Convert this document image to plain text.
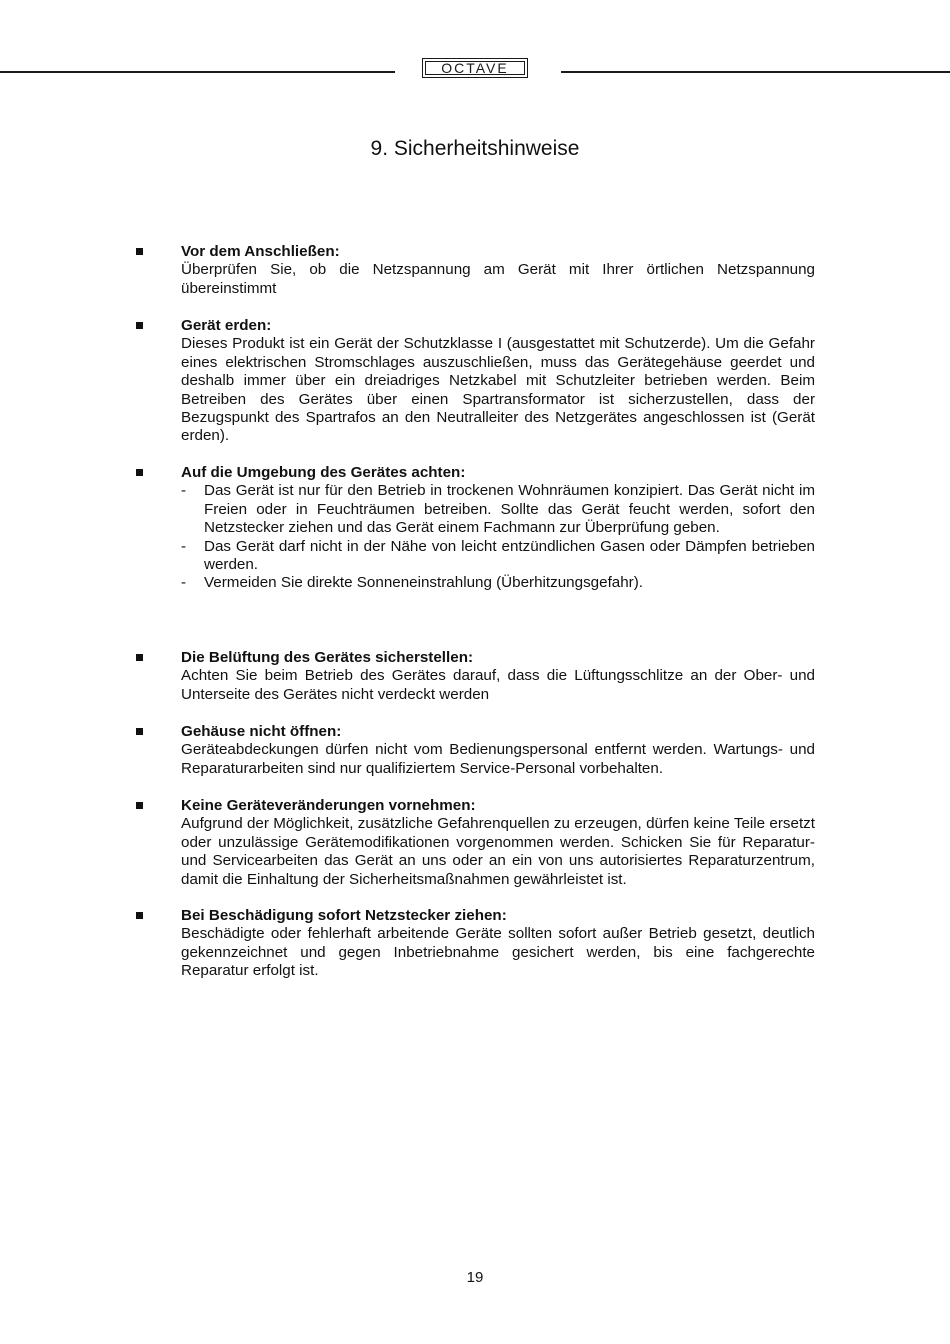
OCTAVE
9. Sicherheitshinweise
Vor dem Anschließen:
Überprüfen Sie, ob die Netzspannung am Gerät mit Ihrer örtlichen Netzspannung übereinstimmt
Gerät erden:
Dieses Produkt ist ein Gerät der Schutzklasse I (ausgestattet mit Schutzerde). Um die Gefahr eines elektrischen Stromschlages auszuschließen, muss das Gerätegehäuse geerdet und deshalb immer über ein dreiadriges Netzkabel mit Schutzleiter betrieben werden. Beim Betreiben des Gerätes über einen Spartransformator ist sicherzustellen, dass der Bezugspunkt des Spartrafos an den Neutralleiter des Netzgerätes angeschlossen ist (Gerät erden).
Auf die Umgebung des Gerätes achten:
- Das Gerät ist nur für den Betrieb in trockenen Wohnräumen konzipiert. Das Gerät nicht im Freien oder in Feuchträumen betreiben. Sollte das Gerät feucht werden, sofort den Netzstecker ziehen und das Gerät einem Fachmann zur Überprüfung geben.
- Das Gerät darf nicht in der Nähe von leicht entzündlichen Gasen oder Dämpfen betrieben werden.
- Vermeiden Sie direkte Sonneneinstrahlung (Überhitzungsgefahr).
Die Belüftung des Gerätes sicherstellen:
Achten Sie beim Betrieb des Gerätes darauf, dass die Lüftungsschlitze an der Ober- und Unterseite des Gerätes nicht verdeckt werden
Gehäuse nicht öffnen:
Geräteabdeckungen dürfen nicht vom Bedienungspersonal entfernt werden. Wartungs- und Reparaturarbeiten sind nur qualifiziertem Service-Personal vorbehalten.
Keine Geräteveränderungen vornehmen:
Aufgrund der Möglichkeit, zusätzliche Gefahrenquellen zu erzeugen, dürfen keine Teile ersetzt oder unzulässige Gerätemodifikationen vorgenommen werden. Schicken Sie für Reparatur- und Servicearbeiten das Gerät an uns oder an ein von uns autorisiertes Reparaturzentrum, damit die Einhaltung der Sicherheitsmaßnahmen gewährleistet ist.
Bei Beschädigung sofort Netzstecker ziehen:
Beschädigte oder fehlerhaft arbeitende Geräte sollten sofort außer Betrieb gesetzt, deutlich gekennzeichnet und gegen Inbetriebnahme gesichert werden, bis eine fachgerechte Reparatur erfolgt ist.
19
